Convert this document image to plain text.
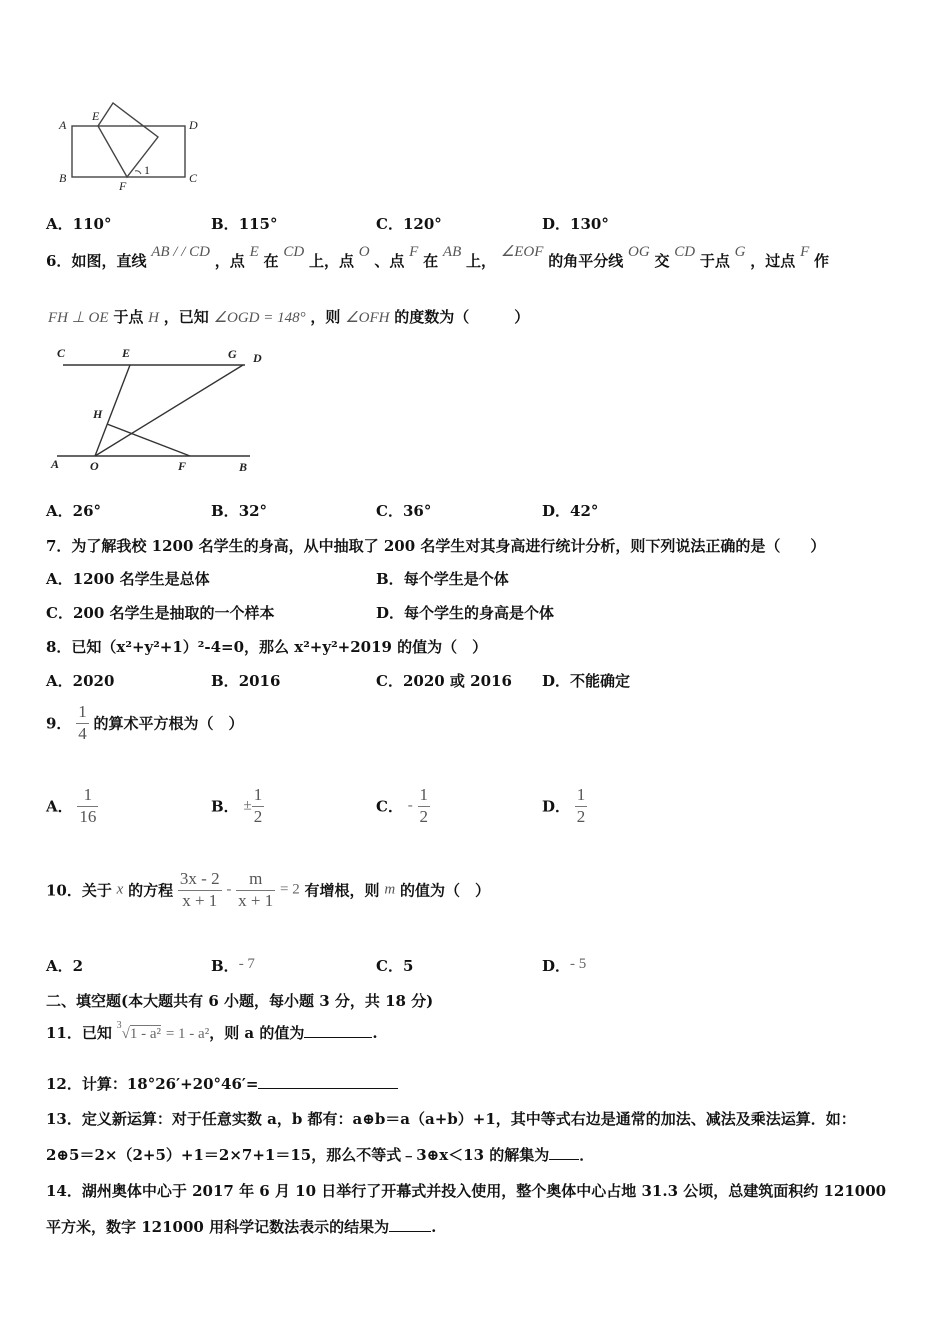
A
E
D
B
F
C
1
A．110°	B．115°	C．120°	D．130°
6．如图，直线 AB / / CD ，点 E 在 CD 上，点 O 、点 F 在 AB 上， ∠EOF 的角平分线 OG 交 CD 于点 G ，过点 F 作
FH ⊥ OE 于点 H ，已知 ∠OGD = 148° ，则 ∠OFH 的度数为（　　　）
C	E	G D
H
A	O	F	B
A．26°	B．32°	C．36°	D．42°
7．为了解我校 1200 名学生的身高，从中抽取了 200 名学生对其身高进行统计分析，则下列说法正确的是（　　）
A．1200 名学生是总体	B．每个学生是个体
C．200 名学生是抽取的一个样本	D．每个学生的身高是个体
8．已知（x²+y²+1）²-4=0，那么 x²+y²+2019 的值为（　）
A．2020	B．2016	C．2020 或 2016 D．不能确定
9． $\frac{1}{4}$ 的算术平方根为（　）
A． $\frac{1}{16}$	B． ± $\frac{1}{2}$	C． - $\frac{1}{2}$	D． $\frac{1}{2}$
10．关于 x 的方程 $\frac{3x - 2}{x + 1} - \frac{m}{x + 1} = 2$ 有增根，则 m 的值为（　）
A．2	B．- 7	C．5	D．- 5
二、填空题(本大题共有 6 小题，每小题 3 分，共 18 分)
11．已知 $^3$√1 - a² = 1 - a²，则 a 的值为	.
12．计算：18°26′+20°46′=
13．定义新运算：对于任意实数 a，b 都有：a⊕b＝a（a+b）+1，其中等式右边是通常的加法、减法及乘法运算．如：
2⊕5＝2×（2+5）+1＝2×7+1＝15，那么不等式﹣3⊕x＜13 的解集为 ．
14．湖州奥体中心于 2017 年 6 月 10 日举行了开幕式并投入使用，整个奥体中心占地 31.3 公顷，总建筑面积约 121000
平方米，数字 121000 用科学记数法表示的结果为	.
